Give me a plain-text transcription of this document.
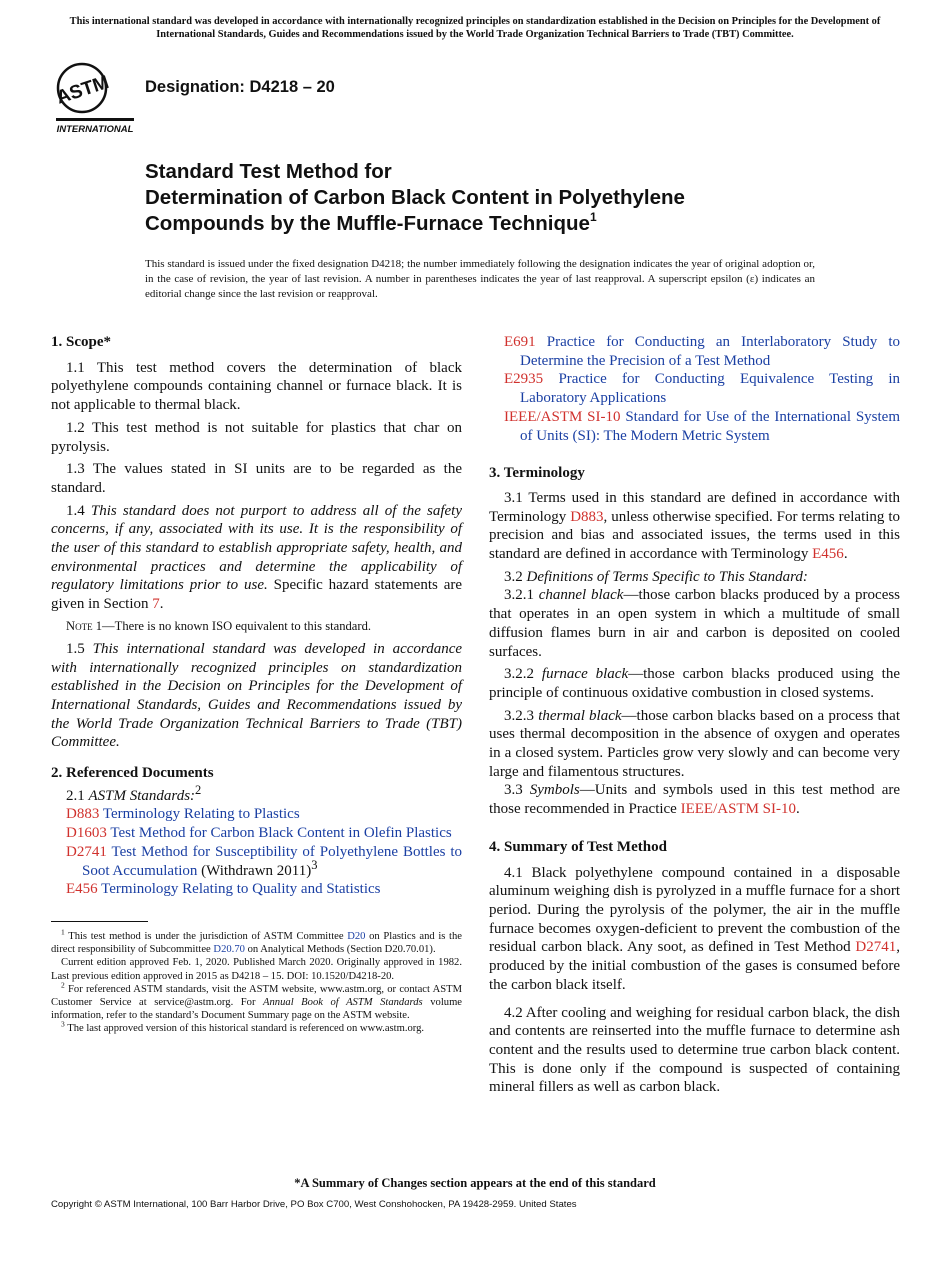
This international standard was developed in accordance with internationally recognized principles on standardization established in the Decision on Principles for the Development of International Standards, Guides and Recommendations issued by the World Trade Organization Technical Barriers to Trade (TBT) Committee.
ASTM
INTERNATIONAL
Designation: D4218 – 20
Standard Test Method for
Determination of Carbon Black Content in Polyethylene
Compounds by the Muffle-Furnace Technique$^1$
This standard is issued under the fixed designation D4218; the number immediately following the designation indicates the year of original adoption or, in the case of revision, the year of last revision. A number in parentheses indicates the year of last reapproval. A superscript epsilon (ε) indicates an editorial change since the last revision or reapproval.
1. Scope*

1.1 This test method covers the determination of black polyethylene compounds containing channel or furnace black. It is not applicable to thermal black.

1.2 This test method is not suitable for plastics that char on pyrolysis.

1.3 The values stated in SI units are to be regarded as the standard.

1.4 This standard does not purport to address all of the safety concerns, if any, associated with its use. It is the responsibility of the user of this standard to establish appropriate safety, health, and environmental practices and determine the applicability of regulatory limitations prior to use. Specific hazard statements are given in Section 7.

Note 1—There is no known ISO equivalent to this standard.

1.5 This international standard was developed in accordance with internationally recognized principles on standardization established in the Decision on Principles for the Development of International Standards, Guides and Recommendations issued by the World Trade Organization Technical Barriers to Trade (TBT) Committee.

2. Referenced Documents

2.1 ASTM Standards:$^2$

D883 Terminology Relating to Plastics

D1603 Test Method for Carbon Black Content in Olefin Plastics

D2741 Test Method for Susceptibility of Polyethylene Bottles to Soot Accumulation (Withdrawn 2011)$^3$

E456 Terminology Relating to Quality and Statistics

$^1$ This test method is under the jurisdiction of ASTM Committee D20 on Plastics and is the direct responsibility of Subcommittee D20.70 on Analytical Methods (Section D20.70.01).

Current edition approved Feb. 1, 2020. Published March 2020. Originally approved in 1982. Last previous edition approved in 2015 as D4218 – 15. DOI: 10.1520/D4218-20.

$^2$ For referenced ASTM standards, visit the ASTM website, www.astm.org, or contact ASTM Customer Service at service@astm.org. For Annual Book of ASTM Standards volume information, refer to the standard’s Document Summary page on the ASTM website.

$^3$ The last approved version of this historical standard is referenced on www.astm.org.

E691 Practice for Conducting an Interlaboratory Study to Determine the Precision of a Test Method

E2935 Practice for Conducting Equivalence Testing in Laboratory Applications

IEEE/ASTM SI-10 Standard for Use of the International System of Units (SI): The Modern Metric System

3. Terminology

3.1 Terms used in this standard are defined in accordance with Terminology D883, unless otherwise specified. For terms relating to precision and bias and associated issues, the terms used in this standard are defined in accordance with Terminology E456.

3.2 Definitions of Terms Specific to This Standard:

3.2.1 channel black—those carbon blacks produced by a process that operates in an open system in which a multitude of small diffusion flames burn in air and carbon is deposited on cooled surfaces.

3.2.2 furnace black—those carbon blacks produced using the principle of continuous oxidative combustion in closed systems.

3.2.3 thermal black—those carbon blacks based on a process that uses thermal decomposition in the absence of oxygen and operates in a closed system. Particles grow very slowly and can become very large and filamentous structures.

3.3 Symbols—Units and symbols used in this test method are those recommended in Practice IEEE/ASTM SI-10.

4. Summary of Test Method

4.1 Black polyethylene compound contained in a disposable aluminum weighing dish is pyrolyzed in a muffle furnace for a short period. During the pyrolysis of the polymer, the air in the muffle furnace becomes oxygen-deficient to prevent the combustion of the residual carbon black. Any soot, as defined in Test Method D2741, produced by the initial combustion of the gases is consumed before the carbon black itself.

4.2 After cooling and weighing for residual carbon black, the dish and contents are reinserted into the muffle furnace to determine ash content and the results used to determine true carbon black content. This is done only if the compound is suspected of containing mineral fillers as well as carbon black.

*A Summary of Changes section appears at the end of this standard
Copyright © ASTM International, 100 Barr Harbor Drive, PO Box C700, West Conshohocken, PA 19428-2959. United States
